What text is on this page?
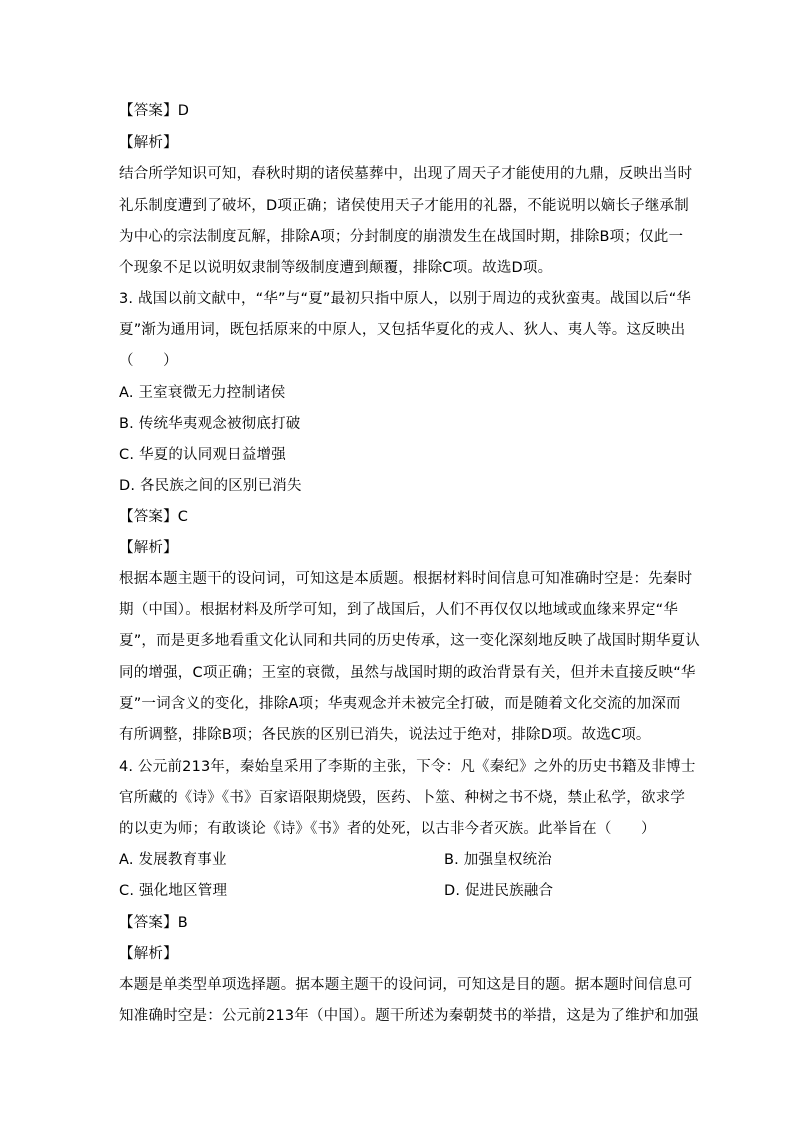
【答案】D
【解析】
结合所学知识可知，春秋时期的诸侯墓葬中，出现了周天子才能使用的九鼎，反映出当时
礼乐制度遭到了破坏，D项正确；诸侯使用天子才能用的礼器，不能说明以嫡长子继承制
为中心的宗法制度瓦解，排除A项；分封制度的崩溃发生在战国时期，排除B项；仅此一
个现象不足以说明奴隶制等级制度遭到颠覆，排除C项。故选D项。
3. 战国以前文献中，“华”与“夏”最初只指中原人，以别于周边的戎狄蛮夷。战国以后“华
夏”渐为通用词，既包括原来的中原人，又包括华夏化的戎人、狄人、夷人等。这反映出
（　　）
A. 王室衰微无力控制诸侯
B. 传统华夷观念被彻底打破
C. 华夏的认同观日益增强
D. 各民族之间的区别已消失
【答案】C
【解析】
根据本题主题干的设问词，可知这是本质题。根据材料时间信息可知准确时空是：先秦时
期（中国）。根据材料及所学可知，到了战国后，人们不再仅仅以地域或血缘来界定“华
夏”，而是更多地看重文化认同和共同的历史传承，这一变化深刻地反映了战国时期华夏认
同的增强，C项正确；王室的衰微，虽然与战国时期的政治背景有关，但并未直接反映“华
夏”一词含义的变化，排除A项；华夷观念并未被完全打破，而是随着文化交流的加深而
有所调整，排除B项；各民族的区别已消失，说法过于绝对，排除D项。故选C项。
4. 公元前213年，秦始皇采用了李斯的主张，下令：凡《秦纪》之外的历史书籍及非博士
官所藏的《诗》《书》百家语限期烧毁，医药、卜筮、种树之书不烧，禁止私学，欲求学
的以吏为师；有敢谈论《诗》《书》者的处死，以古非今者灭族。此举旨在（　　）
A. 发展教育事业	B. 加强皇权统治
C. 强化地区管理	D. 促进民族融合
【答案】B
【解析】
本题是单类型单项选择题。据本题主题干的设问词，可知这是目的题。据本题时间信息可
知准确时空是：公元前213年（中国）。题干所述为秦朝焚书的举措，这是为了维护和加强
